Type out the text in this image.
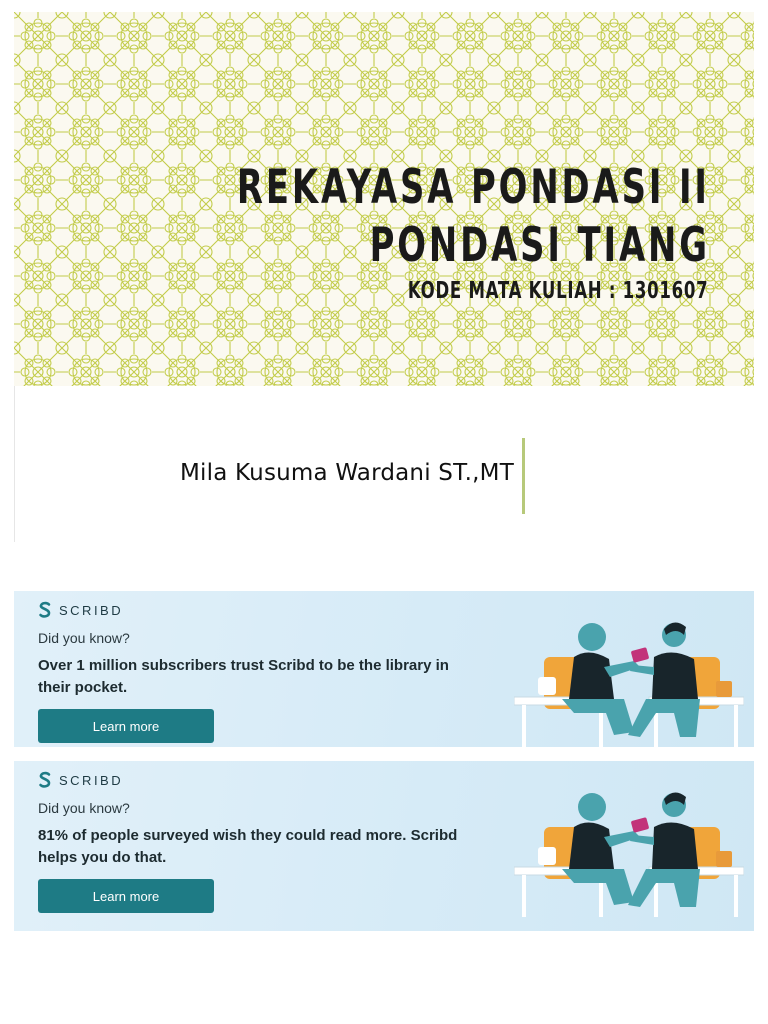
REKAYASA PONDASI II
PONDASI TIANG
KODE MATA KULIAH : 1301607
Mila Kusuma Wardani ST.,MT
SCRIBD
Did you know?
Over 1 million subscribers trust Scribd to be the library in their pocket.
Learn more
SCRIBD
Did you know?
81% of people surveyed wish they could read more. Scribd helps you do that.
Learn more
